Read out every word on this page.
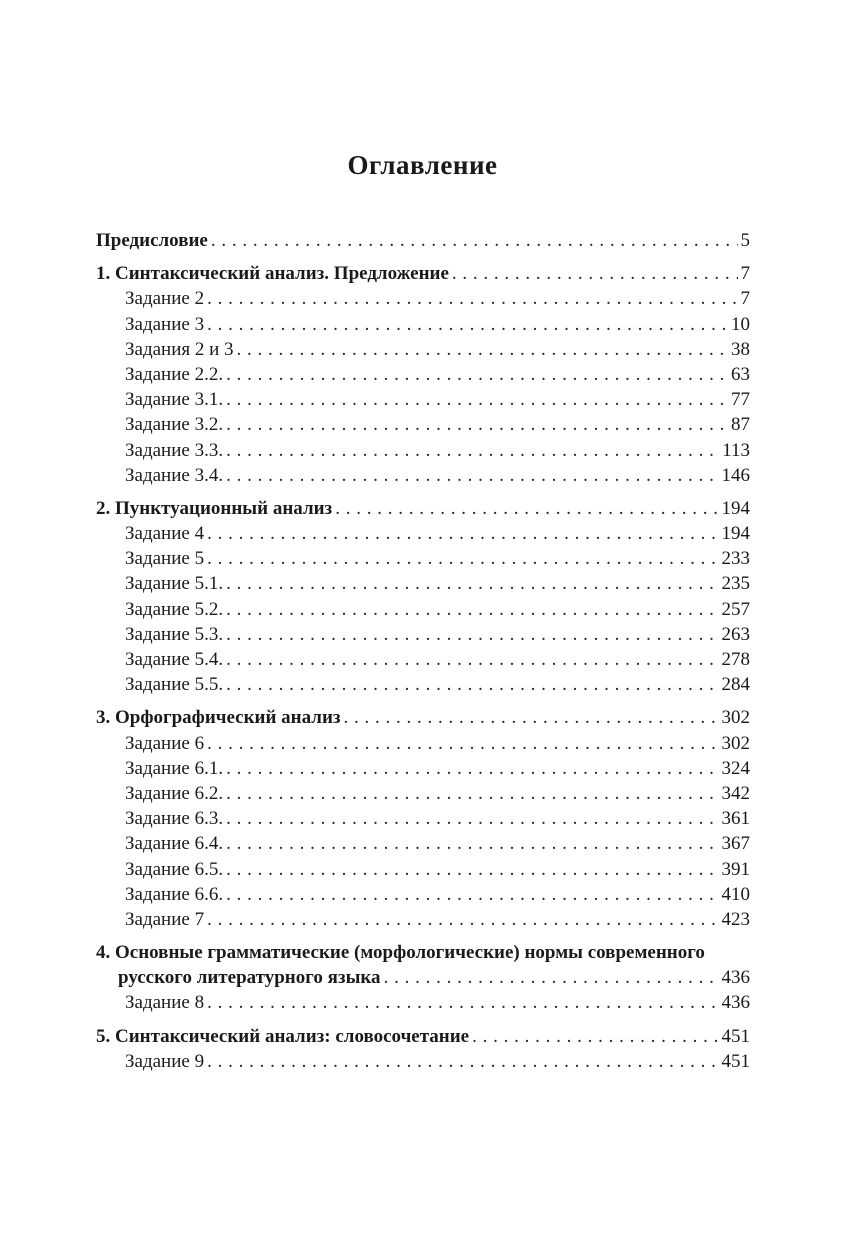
Оглавление
Предисловие . . .	5
1. Синтаксический анализ. Предложение . . .	7
Задание 2 . . .	7
Задание 3 . . .	10
Задания 2 и 3 . . .	38
Задание 2.2. . . .	63
Задание 3.1. . . .	77
Задание 3.2. . . .	87
Задание 3.3. . . .	113
Задание 3.4. . . .	146
2. Пунктуационный анализ . . .	194
Задание 4 . . .	194
Задание 5 . . .	233
Задание 5.1. . . .	235
Задание 5.2. . . .	257
Задание 5.3. . . .	263
Задание 5.4. . . .	278
Задание 5.5. . . .	284
3. Орфографический анализ . . .	302
Задание 6 . . .	302
Задание 6.1. . . .	324
Задание 6.2. . . .	342
Задание 6.3. . . .	361
Задание 6.4. . . .	367
Задание 6.5. . . .	391
Задание 6.6. . . .	410
Задание 7 . . .	423
4. Основные грамматические (морфологические) нормы современного
русского литературного языка . . .	436
Задание 8 . . .	436
5. Синтаксический анализ: словосочетание . . .	451
Задание 9 . . .	451
